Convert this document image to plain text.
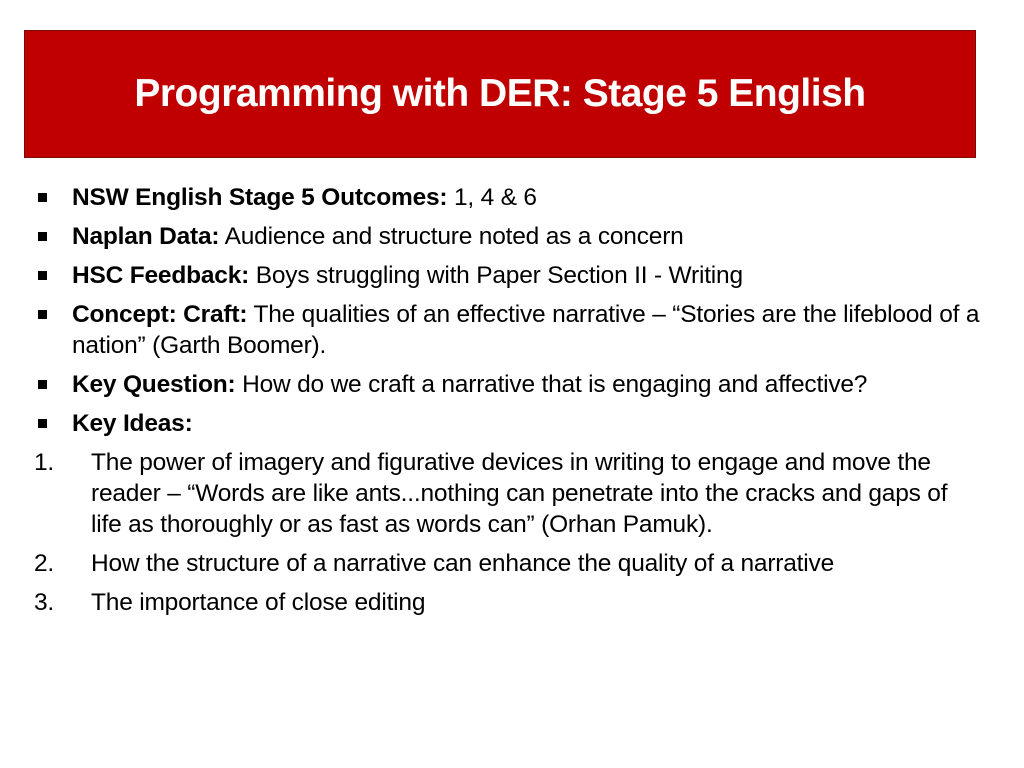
Programming with DER: Stage 5 English
NSW English Stage 5 Outcomes: 1, 4 & 6
Naplan Data: Audience and structure noted as a concern
HSC Feedback: Boys struggling with Paper Section II - Writing
Concept: Craft: The qualities of an effective narrative – “Stories are the lifeblood of a nation” (Garth Boomer).
Key Question: How do we craft a narrative that is engaging and affective?
Key Ideas:
1. The power of imagery and figurative devices in writing to engage and move the reader – “Words are like ants...nothing can penetrate into the cracks and gaps of life as thoroughly or as fast as words can” (Orhan Pamuk).
2. How the structure of a narrative can enhance the quality of a narrative
3. The importance of close editing
